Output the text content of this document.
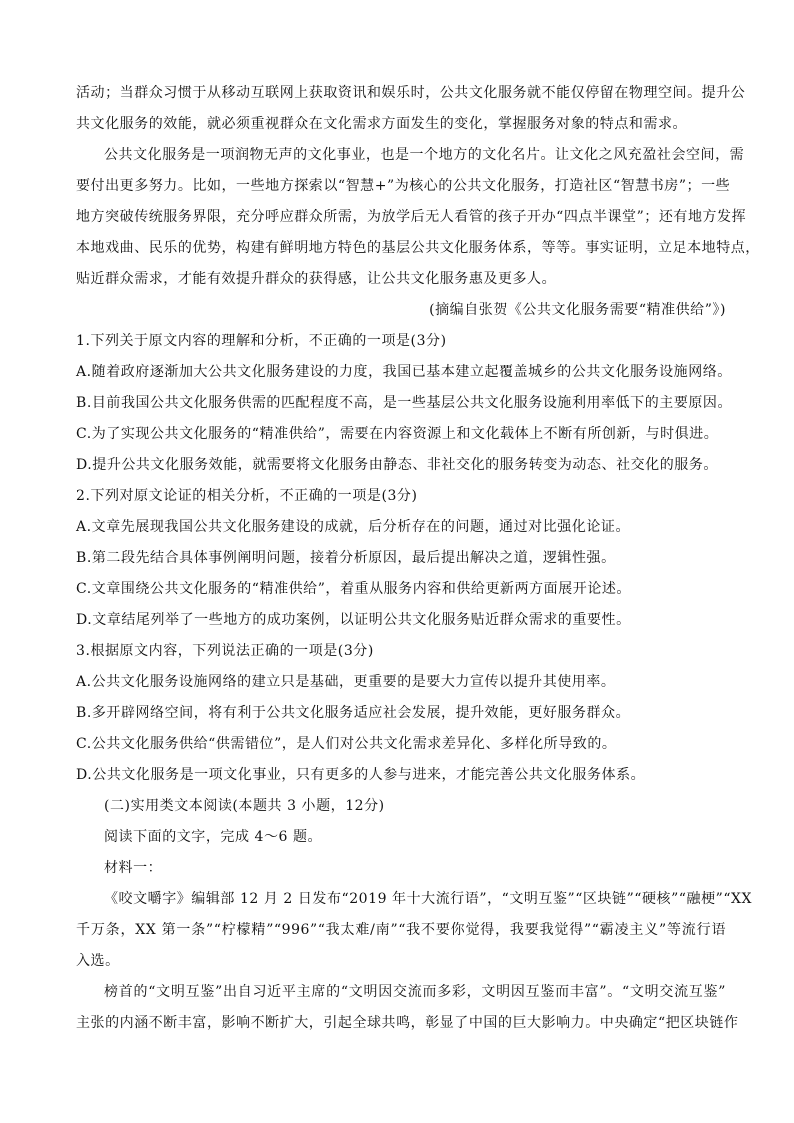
活动；当群众习惯于从移动互联网上获取资讯和娱乐时，公共文化服务就不能仅停留在物理空间。提升公
共文化服务的效能，就必须重视群众在文化需求方面发生的变化，掌握服务对象的特点和需求。
公共文化服务是一项润物无声的文化事业，也是一个地方的文化名片。让文化之风充盈社会空间，需
要付出更多努力。比如，一些地方探索以“智慧+”为核心的公共文化服务，打造社区“智慧书房”；一些
地方突破传统服务界限，充分呼应群众所需，为放学后无人看管的孩子开办“四点半课堂”；还有地方发挥
本地戏曲、民乐的优势，构建有鲜明地方特色的基层公共文化服务体系，等等。事实证明，立足本地特点，
贴近群众需求，才能有效提升群众的获得感，让公共文化服务惠及更多人。
(摘编自张贺《公共文化服务需要“精准供给”》)
1.下列关于原文内容的理解和分析，不正确的一项是(3分)
A.随着政府逐渐加大公共文化服务建设的力度，我国已基本建立起覆盖城乡的公共文化服务设施网络。
B.目前我国公共文化服务供需的匹配程度不高，是一些基层公共文化服务设施利用率低下的主要原因。
C.为了实现公共文化服务的“精准供给”，需要在内容资源上和文化载体上不断有所创新，与时俱进。
D.提升公共文化服务效能，就需要将文化服务由静态、非社交化的服务转变为动态、社交化的服务。
2.下列对原文论证的相关分析，不正确的一项是(3分)
A.文章先展现我国公共文化服务建设的成就，后分析存在的问题，通过对比强化论证。
B.第二段先结合具体事例阐明问题，接着分析原因，最后提出解决之道，逻辑性强。
C.文章围绕公共文化服务的“精准供给”，着重从服务内容和供给更新两方面展开论述。
D.文章结尾列举了一些地方的成功案例，以证明公共文化服务贴近群众需求的重要性。
3.根据原文内容，下列说法正确的一项是(3分)
A.公共文化服务设施网络的建立只是基础，更重要的是要大力宣传以提升其使用率。
B.多开辟网络空间，将有利于公共文化服务适应社会发展，提升效能，更好服务群众。
C.公共文化服务供给“供需错位”，是人们对公共文化需求差异化、多样化所导致的。
D.公共文化服务是一项文化事业，只有更多的人参与进来，才能完善公共文化服务体系。
(二)实用类文本阅读(本题共 3 小题，12分)
阅读下面的文字，完成 4～6 题。
材料一：
《咬文嚼字》编辑部 12 月 2 日发布“2019 年十大流行语”，“文明互鉴”“区块链”“硬核”“融梗”“XX
千万条，XX 第一条”“柠檬精”“996”“我太难/南”“我不要你觉得，我要我觉得”“霸凌主义”等流行语
入选。
榜首的“文明互鉴”出自习近平主席的“文明因交流而多彩，文明因互鉴而丰富”。“文明交流互鉴”
主张的内涵不断丰富，影响不断扩大，引起全球共鸣，彰显了中国的巨大影响力。中央确定“把区块链作
